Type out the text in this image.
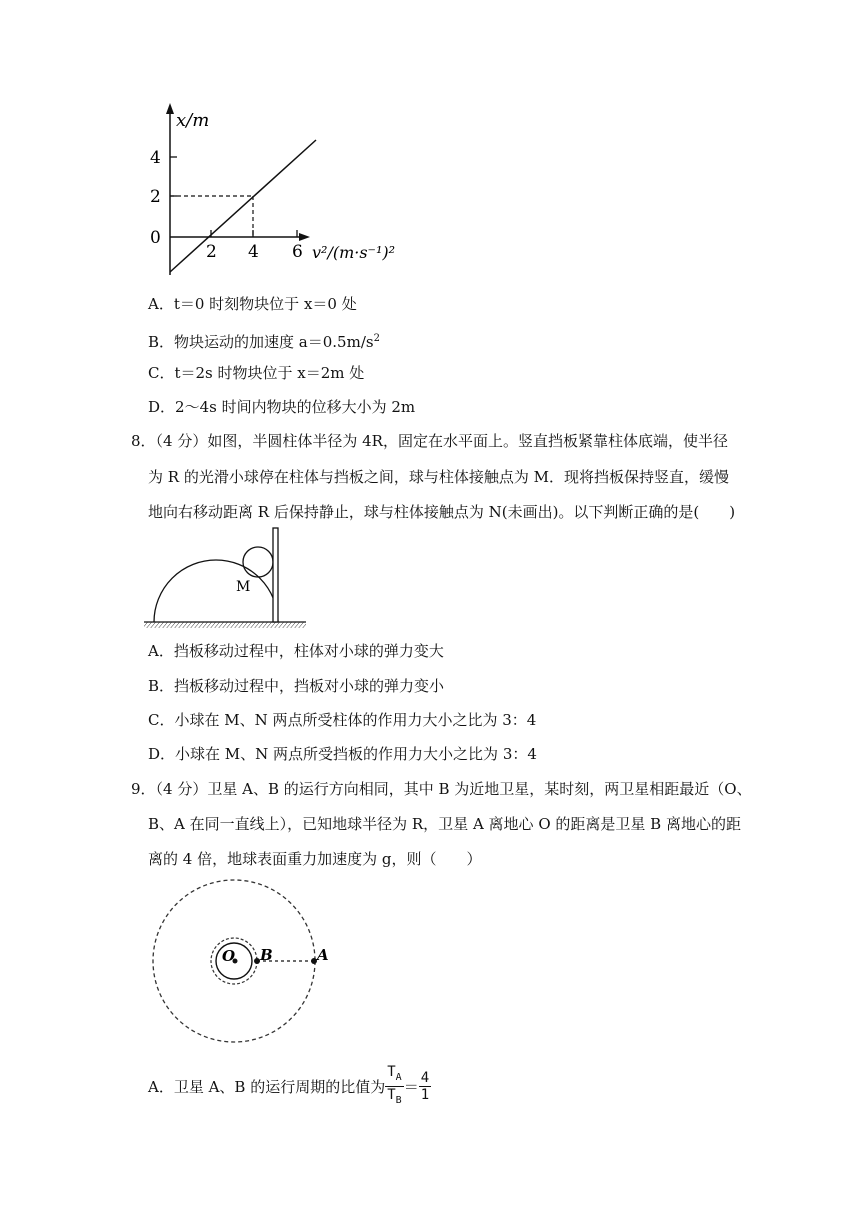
x/m
4
2
0
2 4 6 v²/(m·s⁻¹)²
A．t＝0 时刻物块位于 x＝0 处
B．物块运动的加速度 $a=0.5m/s^2$
C．t＝2s 时物块位于 x＝2m 处
D．2～4s 时间内物块的位移大小为 2m
8．（4 分）如图，半圆柱体半径为 4R，固定在水平面上。竖直挡板紧靠柱体底端，使半径
为 R 的光滑小球停在柱体与挡板之间，球与柱体接触点为 M．现将挡板保持竖直，缓慢
地向右移动距离 R 后保持静止，球与柱体接触点为 N(未画出)。以下判断正确的是(　　)
M
A．挡板移动过程中，柱体对小球的弹力变大
B．挡板移动过程中，挡板对小球的弹力变小
C．小球在 M、N 两点所受柱体的作用力大小之比为 3：4
D．小球在 M、N 两点所受挡板的作用力大小之比为 3：4
9．（4 分）卫星 A、B 的运行方向相同，其中 B 为近地卫星，某时刻，两卫星相距最近（O、
B、A 在同一直线上），已知地球半径为 R，卫星 A 离地心 O 的距离是卫星 B 离地心的距
离的 4 倍，地球表面重力加速度为 g，则（　　）
O B	A
A．卫星 A、B 的运行周期的比值为 $\frac{T_A}{T_B} = \frac{4}{1}$
